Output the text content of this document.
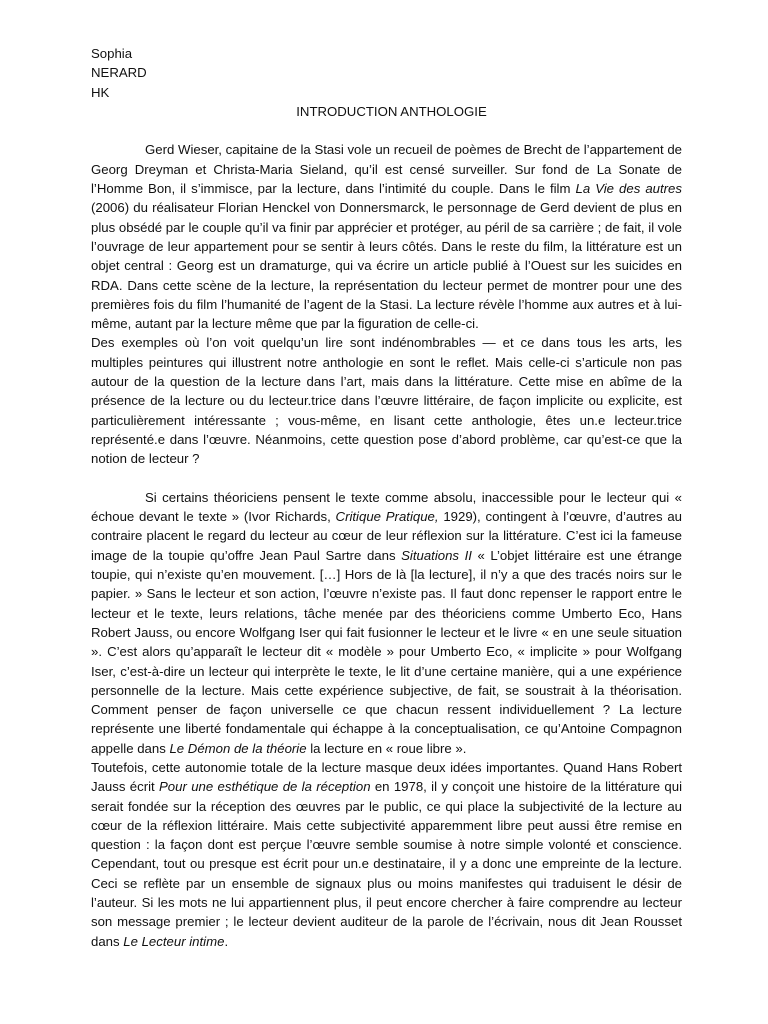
Sophia
NERARD
HK
INTRODUCTION ANTHOLOGIE

Gerd Wieser, capitaine de la Stasi vole un recueil de poèmes de Brecht de l’appartement de Georg Dreyman et Christa-Maria Sieland, qu’il est censé surveiller. Sur fond de La Sonate de l’Homme Bon, il s’immisce, par la lecture, dans l’intimité du couple. Dans le film La Vie des autres (2006) du réalisateur Florian Henckel von Donnersmarck, le personnage de Gerd devient de plus en plus obsédé par le couple qu’il va finir par apprécier et protéger, au péril de sa carrière ; de fait, il vole l’ouvrage de leur appartement pour se sentir à leurs côtés. Dans le reste du film, la littérature est un objet central : Georg est un dramaturge, qui va écrire un article publié à l’Ouest sur les suicides en RDA. Dans cette scène de la lecture, la représentation du lecteur permet de montrer pour une des premières fois du film l’humanité de l’agent de la Stasi. La lecture révèle l’homme aux autres et à lui-même, autant par la lecture même que par la figuration de celle-ci.

Des exemples où l’on voit quelqu’un lire sont indénombrables — et ce dans tous les arts, les multiples peintures qui illustrent notre anthologie en sont le reflet. Mais celle-ci s’articule non pas autour de la question de la lecture dans l’art, mais dans la littérature. Cette mise en abîme de la présence de la lecture ou du lecteur.trice dans l’œuvre littéraire, de façon implicite ou explicite, est particulièrement intéressante ; vous-même, en lisant cette anthologie, êtes un.e lecteur.trice représenté.e dans l’œuvre. Néanmoins, cette question pose d’abord problème, car qu’est-ce que la notion de lecteur ?

Si certains théoriciens pensent le texte comme absolu, inaccessible pour le lecteur qui « échoue devant le texte » (Ivor Richards, Critique Pratique, 1929), contingent à l’œuvre, d’autres au contraire placent le regard du lecteur au cœur de leur réflexion sur la littérature. C’est ici la fameuse image de la toupie qu’offre Jean Paul Sartre dans Situations II « L’objet littéraire est une étrange toupie, qui n’existe qu’en mouvement. […] Hors de là [la lecture], il n’y a que des tracés noirs sur le papier. » Sans le lecteur et son action, l’œuvre n’existe pas. Il faut donc repenser le rapport entre le lecteur et le texte, leurs relations, tâche menée par des théoriciens comme Umberto Eco, Hans Robert Jauss, ou encore Wolfgang Iser qui fait fusionner le lecteur et le livre « en une seule situation ». C’est alors qu’apparaît le lecteur dit « modèle » pour Umberto Eco, « implicite » pour Wolfgang Iser, c’est-à-dire un lecteur qui interprète le texte, le lit d’une certaine manière, qui a une expérience personnelle de la lecture. Mais cette expérience subjective, de fait, se soustrait à la théorisation. Comment penser de façon universelle ce que chacun ressent individuellement ? La lecture représente une liberté fondamentale qui échappe à la conceptualisation, ce qu’Antoine Compagnon appelle dans Le Démon de la théorie la lecture en « roue libre ».

Toutefois, cette autonomie totale de la lecture masque deux idées importantes. Quand Hans Robert Jauss écrit Pour une esthétique de la réception en 1978, il y conçoit une histoire de la littérature qui serait fondée sur la réception des œuvres par le public, ce qui place la subjectivité de la lecture au cœur de la réflexion littéraire. Mais cette subjectivité apparemment libre peut aussi être remise en question : la façon dont est perçue l’œuvre semble soumise à notre simple volonté et conscience. Cependant, tout ou presque est écrit pour un.e destinataire, il y a donc une empreinte de la lecture. Ceci se reflète par un ensemble de signaux plus ou moins manifestes qui traduisent le désir de l’auteur. Si les mots ne lui appartiennent plus, il peut encore chercher à faire comprendre au lecteur son message premier ; le lecteur devient auditeur de la parole de l’écrivain, nous dit Jean Rousset dans Le Lecteur intime.
